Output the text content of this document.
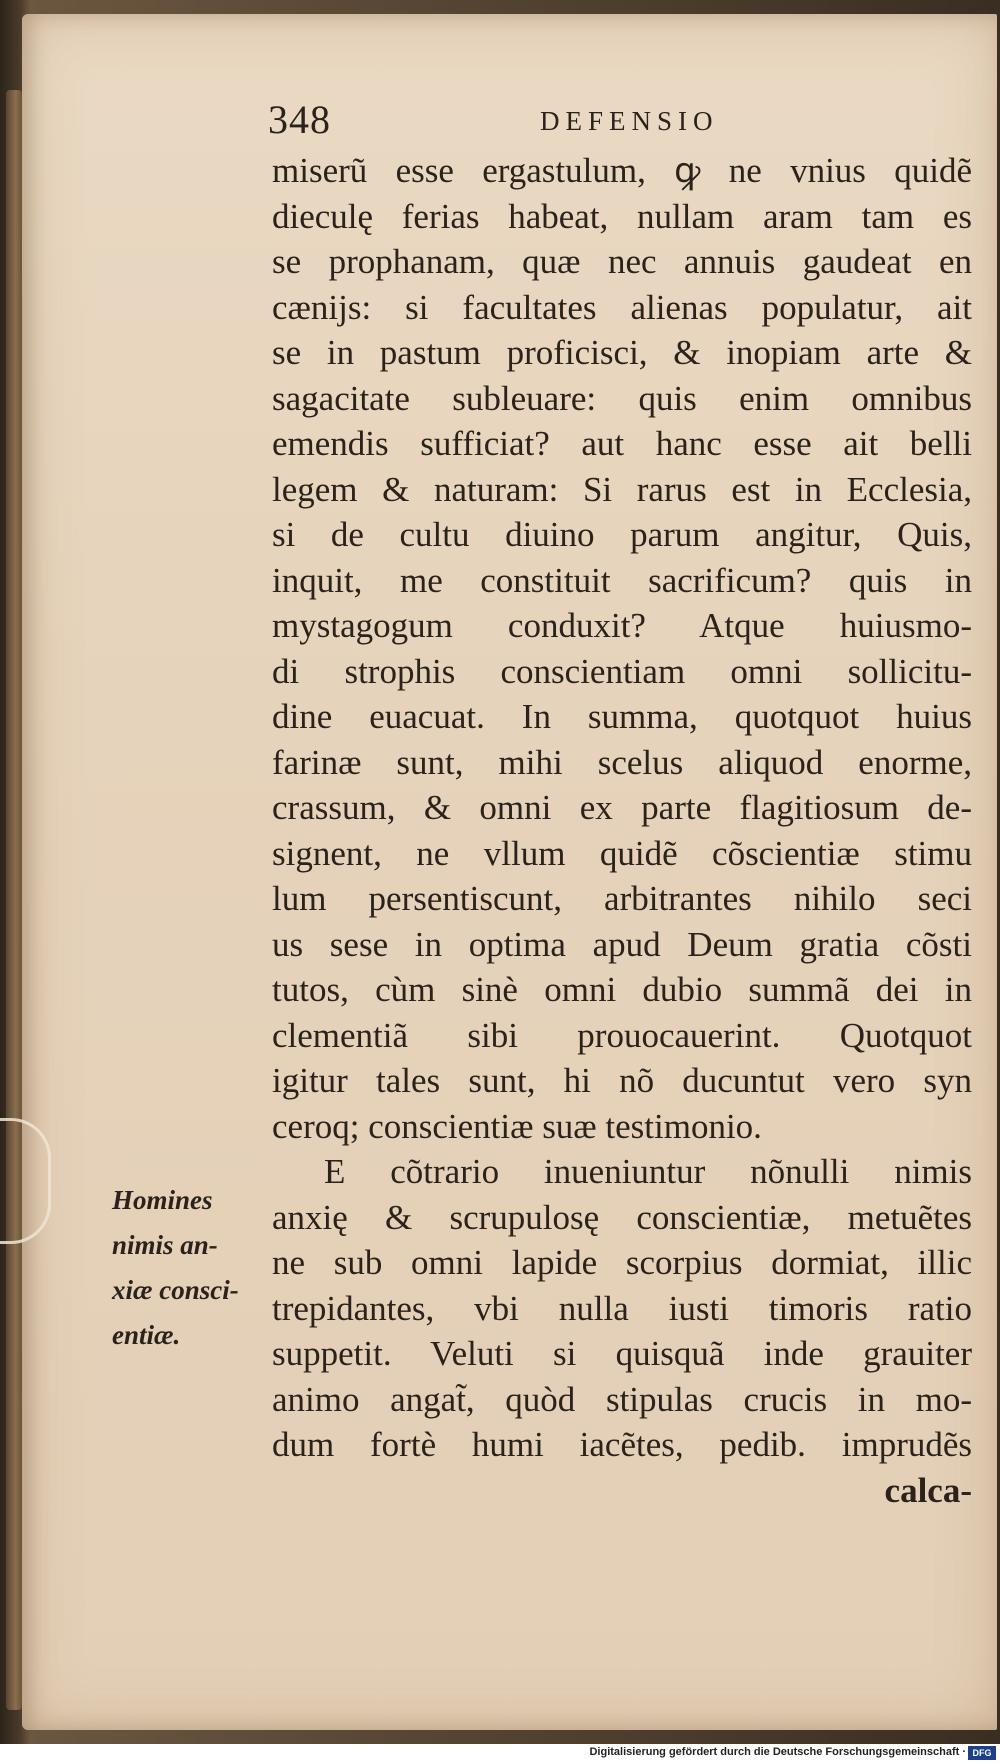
348	DEFENSIO
miserũ esse ergastulum, ꝙ ne vnius quidẽ
dieculę ferias habeat, nullam aram tam es
se prophanam, quæ nec annuis gaudeat en
cænijs: si facultates alienas populatur, ait
se in pastum proficisci, & inopiam arte &
sagacitate subleuare: quis enim omnibus
emendis sufficiat? aut hanc esse ait belli
legem & naturam: Si rarus est in Ecclesia,
si de cultu diuino parum angitur, Quis,
inquit, me constituit sacrificum? quis in
mystagogum conduxit? Atque huiusmo-
di strophis conscientiam omni sollicitu-
dine euacuat. In summa, quotquot huius
farinæ sunt, mihi scelus aliquod enorme,
crassum, & omni ex parte flagitiosum de-
signent, ne vllum quidẽ cõscientiæ stimu
lum persentiscunt, arbitrantes nihilo seci
us sese in optima apud Deum gratia cõsti
tutos, cùm sinè omni dubio summã dei in
clementiã sibi prouocauerint. Quotquot
igitur tales sunt, hi nõ ducuntut vero syn
ceroq; conscientiæ suæ testimonio.
E cõtrario inueniuntur nõnulli nimis
anxię & scrupulosę conscientiæ, metuẽtes
ne sub omni lapide scorpius dormiat, illic
trepidantes, vbi nulla iusti timoris ratio
suppetit. Veluti si quisquã inde grauiter
animo angat̃, quòd stipulas crucis in mo-
dum fortè humi iacẽtes, pedib. imprudẽs
calca-
Homines
nimis an-
xiæ consci-
entiæ.
Digitalisierung gefördert durch die Deutsche Forschungsgemeinschaft · DFG
